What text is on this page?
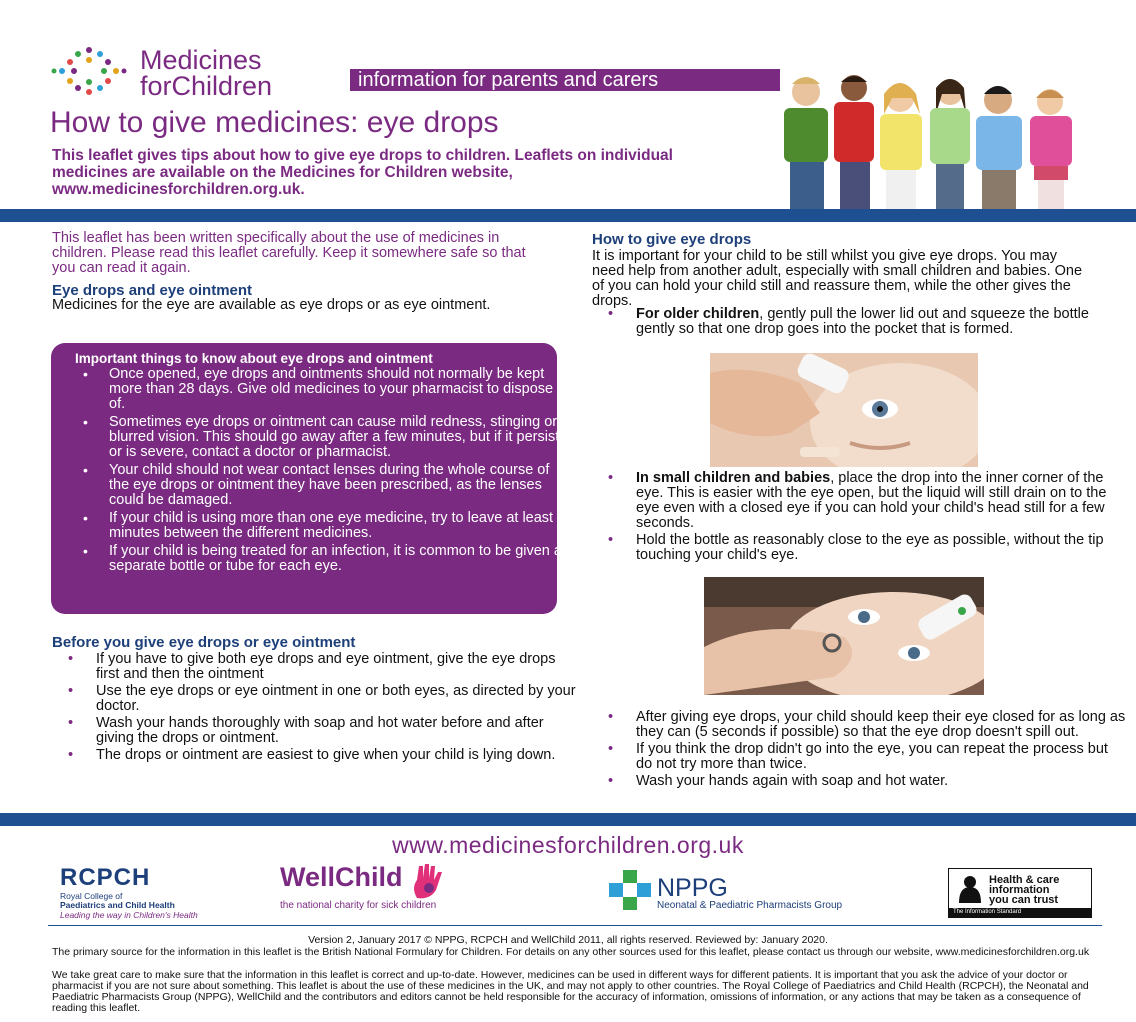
Medicines
forChildren	information for parents and carers
How to give medicines: eye drops
This leaflet gives tips about how to give eye drops to children. Leaflets on individual medicines are available on the Medicines for Children website, www.medicinesforchildren.org.uk.
This leaflet has been written specifically about the use of medicines in children. Please read this leaflet carefully. Keep it somewhere safe so that you can read it again.
Eye drops and eye ointment
Medicines for the eye are available as eye drops or as eye ointment.
Important things to know about eye drops and ointment
• Once opened, eye drops and ointments should not normally be kept more than 28 days. Give old medicines to your pharmacist to dispose of.
• Sometimes eye drops or ointment can cause mild redness, stinging or blurred vision. This should go away after a few minutes, but if it persists or is severe, contact a doctor or pharmacist.
• Your child should not wear contact lenses during the whole course of the eye drops or ointment they have been prescribed, as the lenses could be damaged.
• If your child is using more than one eye medicine, try to leave at least 5 minutes between the different medicines.
• If your child is being treated for an infection, it is common to be given a separate bottle or tube for each eye.
Before you give eye drops or eye ointment
• If you have to give both eye drops and eye ointment, give the eye drops first and then the ointment
• Use the eye drops or eye ointment in one or both eyes, as directed by your doctor.
• Wash your hands thoroughly with soap and hot water before and after giving the drops or ointment.
• The drops or ointment are easiest to give when your child is lying down.
How to give eye drops
It is important for your child to be still whilst you give eye drops. You may need help from another adult, especially with small children and babies. One of you can hold your child still and reassure them, while the other gives the drops.
• For older children, gently pull the lower lid out and squeeze the bottle gently so that one drop goes into the pocket that is formed.
• In small children and babies, place the drop into the inner corner of the eye. This is easier with the eye open, but the liquid will still drain on to the eye even with a closed eye if you can hold your child's head still for a few seconds.
• Hold the bottle as reasonably close to the eye as possible, without the tip touching your child's eye.
• After giving eye drops, your child should keep their eye closed for as long as they can (5 seconds if possible) so that the eye drop doesn't spill out.
• If you think the drop didn't go into the eye, you can repeat the process but do not try more than twice.
• Wash your hands again with soap and hot water.
www.medicinesforchildren.org.uk
RCPCH
Royal College of
Paediatrics and Child Health
Leading the way in Children's Health
WellChild
the national charity for sick children
NPPG
Neonatal & Paediatric Pharmacists Group
Health & care
information
you can trust
The Information Standard
Version 2, January 2017 © NPPG, RCPCH and WellChild 2011, all rights reserved. Reviewed by: January 2020.
The primary source for the information in this leaflet is the British National Formulary for Children. For details on any other sources used for this leaflet, please contact us through our website, www.medicinesforchildren.org.uk
We take great care to make sure that the information in this leaflet is correct and up-to-date. However, medicines can be used in different ways for different patients. It is important that you ask the advice of your doctor or pharmacist if you are not sure about something. This leaflet is about the use of these medicines in the UK, and may not apply to other countries. The Royal College of Paediatrics and Child Health (RCPCH), the Neonatal and Paediatric Pharmacists Group (NPPG), WellChild and the contributors and editors cannot be held responsible for the accuracy of information, omissions of information, or any actions that may be taken as a consequence of reading this leaflet.
